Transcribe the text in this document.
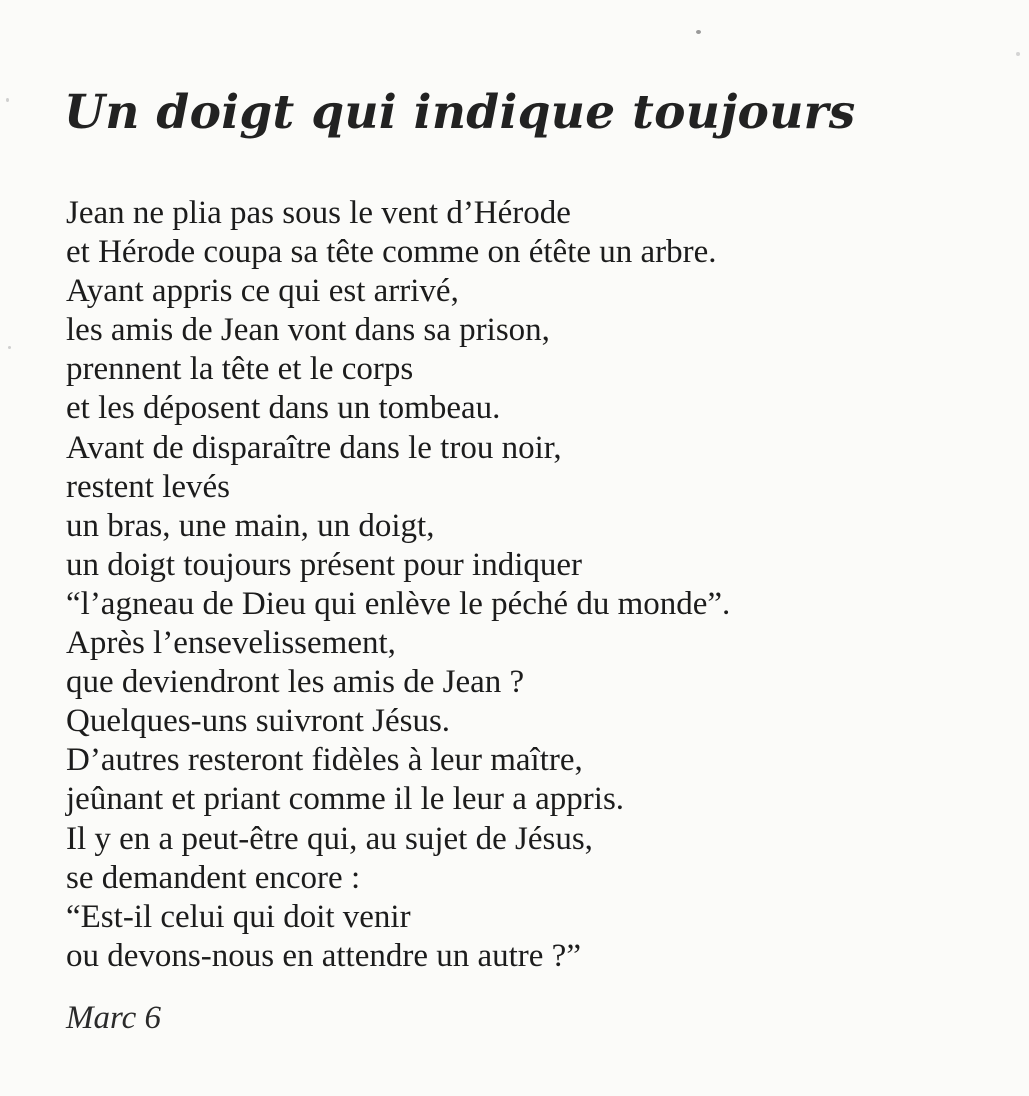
Un doigt qui indique toujours
Jean ne plia pas sous le vent d’Hérode
et Hérode coupa sa tête comme on étête un arbre.
Ayant appris ce qui est arrivé,
les amis de Jean vont dans sa prison,
prennent la tête et le corps
et les déposent dans un tombeau.
Avant de disparaître dans le trou noir,
restent levés
un bras, une main, un doigt,
un doigt toujours présent pour indiquer
“l’agneau de Dieu qui enlève le péché du monde”.
Après l’ensevelissement,
que deviendront les amis de Jean ?
Quelques-uns suivront Jésus.
D’autres resteront fidèles à leur maître,
jeûnant et priant comme il le leur a appris.
Il y en a peut-être qui, au sujet de Jésus,
se demandent encore :
“Est-il celui qui doit venir
ou devons-nous en attendre un autre ?”
Marc 6
